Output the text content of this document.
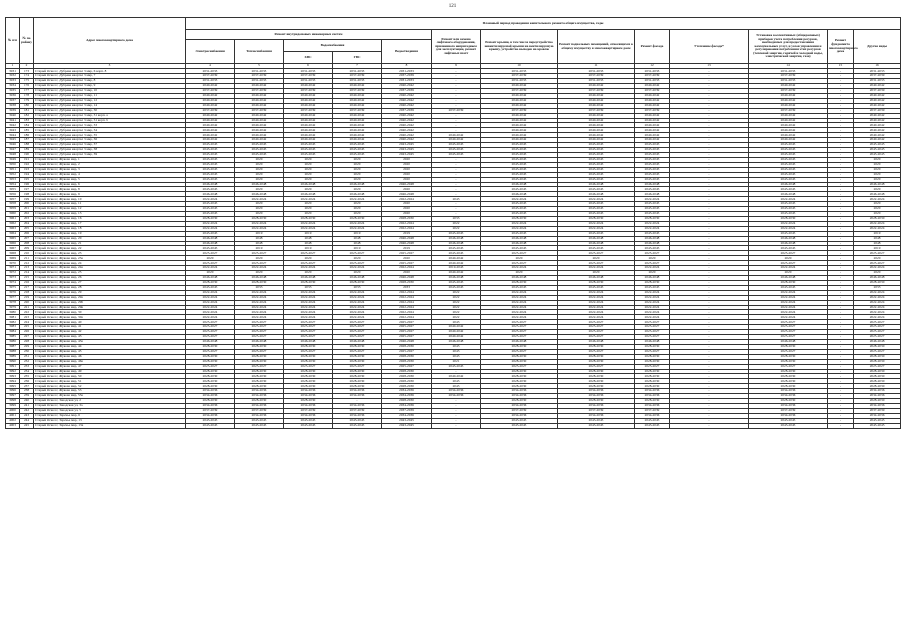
121
№ п/п	№ по району	Адрес многоквартирного дома	Плановый период проведения капитального ремонта общего имущества, годы												
			Ремонт внутридомовых инженерных систем					Ремонт или замена лифтового оборудования, признанного непригодным для эксплуатации, ремонт лифтовых шахт	Ремонт крыши, в том числе переустройство невентилируемой крыши на вентилируемую крышу, устройство выходов на кровлю	Ремонт подвальных помещений, относящихся к общему имуществу в многоквартирном доме	Ремонт фасада	Утепление фасада*	Установка коллективных (общедомовых) приборов учета потребления ресурсов, необходимых для предоставления коммунальных услуг, и узлов управления и регулирования потребления этих ресурсов (тепловой энергии, горячей и холодной воды, электрической энергии, газа)	Ремонт фундамента многоквартирного дома	Другие виды
			Электроснабжения	Теплоснабжения	Водоснабжения		Водоотведения								
					ХВС	ГВС									
1	2	3	4	5	6	7	8	9	10	11	12	13	14	15	16
3931	173	Старый Оскол г, Дубрава квартал 3 мкр, 6 корп. 8	2031-2033	2031-2033	2031-2033	2031-2033	2031-2033	-	2031-2033	2031-2033	2031-2033	-	2031-2033	-	2031-2033
3932	174	Старый Оскол г, Дубрава квартал 3 мкр, 7	2037-2039	2037-2039	2037-2039	2037-2039	2037-2039	-	2037-2039	2037-2039	2037-2039	-	2037-2039	-	2037-2039
3933	175	Старый Оскол г, Дубрава квартал 3 мкр, 8	2031-2033	2031-2033	2031-2033	2031-2033	2031-2033	-	2031-2033	2031-2033	2031-2033	-	2031-2033	-	2031-2033
3934	176	Старый Оскол г, Дубрава квартал 3 мкр, 9	2040-2042	2040-2042	2040-2042	2040-2042	2040-2042	-	2040-2042	2040-2042	2040-2042	-	2040-2042	-	2040-2042
3935	177	Старый Оскол г, Дубрава квартал 3 мкр, 10	2037-2039	2037-2039	2037-2039	2037-2039	2037-2039	-	2037-2039	2037-2039	2037-2039	-	2037-2039	-	2037-2039
3936	178	Старый Оскол г, Дубрава квартал 3 мкр, 11	2040-2042	2040-2042	2040-2042	2040-2042	2040-2042	-	2040-2042	2040-2042	2040-2042	-	2040-2042	-	2040-2042
3937	179	Старый Оскол г, Дубрава квартал 3 мкр, 12	2040-2042	2040-2042	2040-2042	2040-2042	2040-2042	-	2040-2042	2040-2042	2040-2042	-	2040-2042	-	2040-2042
3938	180	Старый Оскол г, Дубрава квартал 3 мкр, 14	2040-2042	2040-2042	2040-2042	2040-2042	2040-2042	-	2040-2042	2040-2042	2040-2042	-	2040-2042	-	2040-2042
3939	181	Старый Оскол г, Дубрава квартал 3 мкр, 30	2037-2039	2037-2039	2037-2039	2037-2039	2037-2039	2037-2039	2037-2039	2037-2039	2037-2039	-	2037-2039	-	2037-2039
3940	182	Старый Оскол г, Дубрава квартал 3 мкр, 31 корп. а	2040-2042	2040-2042	2040-2042	2040-2042	2040-2042	-	2040-2042	2040-2042	2040-2042	-	2040-2042	-	2040-2042
3941	183	Старый Оскол г, Дубрава квартал 3 мкр, 31 корп. б	2040-2042	2040-2042	2040-2042	2040-2042	2040-2042	-	2040-2042	2040-2042	2040-2042	-	2040-2042	-	2040-2042
3942	184	Старый Оскол г, Дубрава квартал 3 мкр, 33	2040-2042	2040-2042	2040-2042	2040-2042	2040-2042	-	2040-2042	2040-2042	2040-2042	-	2040-2042	-	2040-2042
3943	185	Старый Оскол г, Дубрава квартал 3 мкр, 34	2040-2042	2040-2042	2040-2042	2040-2042	2040-2042	-	2040-2042	2040-2042	2040-2042	-	2040-2042	-	2040-2042
3944	186	Старый Оскол г, Дубрава квартал 3 мкр, 35	2040-2042	2040-2042	2040-2042	2040-2042	2040-2042	2040-2042	2040-2042	2040-2042	2040-2042	-	2040-2042	-	2040-2042
3945	187	Старый Оскол г, Дубрава квартал 3 мкр, 36	2040-2042	2040-2042	2040-2042	2040-2042	2040-2042	2040-2042	2040-2042	2040-2042	2040-2042	-	2040-2042	-	2040-2042
3946	188	Старый Оскол г, Дубрава квартал 3 мкр, 37	2043-2045	2043-2045	2043-2045	2043-2045	2043-2045	2043-2045	2043-2045	2043-2045	2043-2045	-	2043-2045	-	2043-2045
3947	189	Старый Оскол г, Дубрава квартал 3 мкр, 38	2043-2045	2043-2045	2043-2045	2043-2045	2043-2045	2043-2045	2043-2045	2043-2045	2043-2045	-	2043-2045	-	2043-2045
3948	190	Старый Оскол г, Дубрава квартал 3 мкр, 39	2043-2045	2043-2045	2043-2045	2043-2045	2043-2045	2043-2045	2043-2045	2043-2045	2043-2045	-	2043-2045	-	2043-2045
3949	191	Старый Оскол г, Жукова мкр, 1	2043-2045	2020	2020	2020	2020	-	2043-2045	2043-2045	2043-2045	-	2043-2045	-	2020
3950	192	Старый Оскол г, Жукова мкр, 2	2043-2045	2020	2020	2020	2020	-	2043-2045	2043-2045	2043-2045	-	2043-2045	-	2020
3951	193	Старый Оскол г, Жукова мкр, 3	2043-2045	2020	2020	2020	2020	-	2043-2045	2043-2045	2043-2045	-	2043-2045	-	2020
3952	194	Старый Оскол г, Жукова мкр, 4	2043-2045	2020	2020	2020	2020	-	2043-2045	2043-2045	2043-2045	-	2043-2045	-	2020
3953	195	Старый Оскол г, Жукова мкр, 5	2043-2045	2020	2020	2020	2020	-	2043-2045	2043-2045	2043-2045	-	2043-2045	-	2020
3954	196	Старый Оскол г, Жукова мкр, 6	2046-2048	2046-2048	2046-2048	2046-2048	2046-2048	-	2046-2048	2046-2048	2046-2048	-	2046-2048	-	2046-2048
3955	197	Старый Оскол г, Жукова мкр, 8	2043-2045	2020	2020	2020	2020	-	2043-2045	2043-2045	2043-2045	-	2043-2045	-	2020
3956	198	Старый Оскол г, Жукова мкр, 9	2046-2048	2046-2048	2046-2048	2046-2048	2046-2048	-	2046-2048	2046-2048	2046-2048	-	2046-2048	-	2046-2048
3957	199	Старый Оскол г, Жукова мкр, 10	2022-2024	2022-2024	2022-2024	2022-2024	2022-2024	2043	2022-2024	2022-2024	2022-2024	-	2022-2024	-	2022-2024
3958	200	Старый Оскол г, Жукова мкр, 11	2043-2045	2020	2020	2020	2020	-	2043-2045	2043-2045	2043-2045	-	2043-2045	-	2020
3959	201	Старый Оскол г, Жукова мкр, 12	2043-2045	2020	2020	2020	2020	-	2043-2045	2043-2045	2043-2045	-	2043-2045	-	2020
3960	202	Старый Оскол г, Жукова мкр, 13	2043-2045	2020	2020	2020	2020	-	2043-2045	2043-2045	2043-2045	-	2043-2045	-	2020
3961	203	Старый Оскол г, Жукова мкр, 16	2028-2030	2028-2030	2028-2030	2028-2030	2028-2030	2033	2028-2030	2028-2030	2028-2030	-	2028-2030	-	2028-2030
3962	204	Старый Оскол г, Жукова мкр, 17	2022-2024	2022-2024	2022-2024	2022-2024	2022-2024	2022	2022-2024	2022-2024	2022-2024	-	2022-2024	-	2022-2024
3963	205	Старый Оскол г, Жукова мкр, 18	2022-2024	2022-2024	2022-2024	2022-2024	2022-2024	2022	2022-2024	2022-2024	2022-2024	-	2022-2024	-	2022-2024
3964	206	Старый Оскол г, Жукова мкр, 19	2043-2045	2019	2019	2019	2019	2043-2045	2043-2045	2043-2045	2043-2045	-	2043-2045	-	2019
3965	207	Старый Оскол г, Жукова мкр, 20	2046-2048	2048	2048	2048	2046-2048	2046-2048	2046-2048	2046-2048	2046-2048	-	2046-2048	-	2048
3966	208	Старый Оскол г, Жукова мкр, 21	2046-2048	2048	2048	2048	2046-2048	2046-2048	2046-2048	2046-2048	2046-2048	-	2046-2048	-	2048
3967	209	Старый Оскол г, Жукова мкр, 22	2043-2045	2019	2019	2019	2019	2043-2045	2043-2045	2043-2045	2043-2045	-	2043-2045	-	2019
3968	210	Старый Оскол г, Жукова мкр, 23	2025-2027	2025-2027	2025-2027	2025-2027	2025-2027	2043-2045	2025-2027	2025-2027	2025-2027	-	2025-2027	-	2025-2027
3969	211	Старый Оскол г, Жукова мкр, 23а	2020	2020	2020	2020	2020	2040-2042	2020	2020	2020	-	2020	-	2020
3970	212	Старый Оскол г, Жукова мкр, 24	2025-2027	2025-2027	2025-2027	2025-2027	2025-2027	2040-2042	2025-2027	2025-2027	2025-2027	-	2025-2027	-	2025-2027
3971	213	Старый Оскол г, Жукова мкр, 24а	2022-2024	2022-2024	2022-2024	2022-2024	2022-2024	2019-2043	2022-2024	2022-2024	2022-2024	-	2022-2024	-	2022-2024
3972	214	Старый Оскол г, Жукова мкр, 25	2020	2020	2020	2020	2020	2040-2042	2020	2020	2020	-	2020	-	2020
3973	215	Старый Оскол г, Жукова мкр, 26	2046-2048	2046-2048	2046-2048	2046-2048	2046-2048	2046-2048	2046-2048	2046-2048	2046-2048	-	2046-2048	-	2046-2048
3974	216	Старый Оскол г, Жукова мкр, 27	2028-2030	2028-2030	2028-2030	2028-2030	2028-2030	2043-2045	2028-2030	2028-2030	2028-2030	-	2028-2030	-	2028-2030
3975	217	Старый Оскол г, Жукова мкр, 28	2043-2045	2033	2033	2033	2033	2043-2045	2043-2045	2043-2045	2043-2045	-	2043-2045	-	2033
3976	218	Старый Оскол г, Жукова мкр, 29	2022-2024	2022-2024	2022-2024	2022-2024	2022-2024	2022	2022-2024	2022-2024	2022-2024	-	2022-2024	-	2022-2024
3977	219	Старый Оскол г, Жукова мкр, 29а	2022-2024	2022-2024	2022-2024	2022-2024	2022-2024	2022	2022-2024	2022-2024	2022-2024	-	2022-2024	-	2022-2024
3978	220	Старый Оскол г, Жукова мкр, 29б	2022-2024	2022-2024	2022-2024	2022-2024	2022-2024	2022	2022-2024	2022-2024	2022-2024	-	2022-2024	-	2022-2024
3979	221	Старый Оскол г, Жукова мкр, 29в	2022-2024	2022-2024	2022-2024	2022-2024	2022-2024	2022	2022-2024	2022-2024	2022-2024	-	2022-2024	-	2022-2024
3980	222	Старый Оскол г, Жукова мкр, 30	2022-2024	2022-2024	2022-2024	2022-2024	2022-2024	2022	2022-2024	2022-2024	2022-2024	-	2022-2024	-	2022-2024
3981	223	Старый Оскол г, Жукова мкр, 30а	2022-2024	2022-2024	2022-2024	2022-2024	2022-2024	2022	2022-2024	2022-2024	2022-2024	-	2022-2024	-	2022-2024
3982	224	Старый Оскол г, Жукова мкр, 40	2025-2027	2025-2027	2025-2027	2025-2027	2025-2027	2043	2025-2027	2025-2027	2025-2027	-	2025-2027	-	2025-2027
3983	225	Старый Оскол г, Жукова мкр, 41	2025-2027	2025-2027	2025-2027	2025-2027	2025-2027	2040-2042	2025-2027	2025-2027	2025-2027	-	2025-2027	-	2025-2027
3984	226	Старый Оскол г, Жукова мкр, 42	2025-2027	2025-2027	2025-2027	2025-2027	2025-2027	2040-2042	2025-2027	2025-2027	2025-2027	-	2025-2027	-	2025-2027
3985	227	Старый Оскол г, Жукова мкр, 43	2025-2027	2025-2027	2025-2027	2025-2027	2025-2027	2040-2042	2025-2027	2025-2027	2025-2027	-	2025-2027	-	2025-2027
3986	228	Старый Оскол г, Жукова мкр, 43а	2046-2048	2046-2048	2046-2048	2046-2048	2046-2048	2046-2048	2046-2048	2046-2048	2046-2048	-	2046-2048	-	2046-2048
3987	229	Старый Оскол г, Жукова мкр, 44	2028-2030	2028-2030	2028-2030	2028-2030	2028-2030	2043	2028-2030	2028-2030	2028-2030	-	2028-2030	-	2028-2030
3988	230	Старый Оскол г, Жукова мкр, 45	2025-2027	2025-2027	2025-2027	2025-2027	2025-2027	2043	2025-2027	2025-2027	2025-2027	-	2025-2027	-	2025-2027
3989	231	Старый Оскол г, Жукова мкр, 46	2028-2030	2028-2030	2028-2030	2028-2030	2028-2030	2043	2028-2030	2028-2030	2028-2030	-	2028-2030	-	2028-2030
3990	232	Старый Оскол г, Жукова мкр, 46а	2028-2030	2028-2030	2028-2030	2028-2030	2028-2030	2021	2028-2030	2028-2030	2028-2030	-	2028-2030	-	2028-2030
3991	233	Старый Оскол г, Жукова мкр, 47	2025-2027	2025-2027	2025-2027	2025-2027	2025-2027	2043-2045	2025-2027	2025-2027	2025-2027	-	2025-2027	-	2025-2027
3992	234	Старый Оскол г, Жукова мкр, 49	2028-2030	2028-2030	2028-2030	2028-2030	2028-2030	-	2028-2030	2028-2030	2028-2030	-	2028-2030	-	2028-2030
3993	235	Старый Оскол г, Жукова мкр, 50	2028-2030	2028-2030	2028-2030	2028-2030	2028-2030	2040-2042	2028-2030	2028-2030	2028-2030	-	2028-2030	-	2028-2030
3994	236	Старый Оскол г, Жукова мкр, 51	2028-2030	2028-2030	2028-2030	2028-2030	2028-2030	2043	2028-2030	2028-2030	2028-2030	-	2028-2030	-	2028-2030
3995	237	Старый Оскол г, Жукова мкр, 52	2028-2030	2028-2030	2028-2030	2028-2030	2028-2030	2043	2028-2030	2028-2030	2028-2030	-	2028-2030	-	2028-2030
3996	238	Старый Оскол г, Жукова мкр, 53	2034-2036	2034-2036	2034-2036	2034-2036	2034-2036	2034-2036	2034-2036	2034-2036	2034-2036	-	2034-2036	-	2034-2036
3997	239	Старый Оскол г, Жукова мкр, 53а	2034-2036	2034-2036	2034-2036	2034-2036	2034-2036	2034-2036	2034-2036	2034-2036	2034-2036	-	2034-2036	-	2034-2036
3998	240	Старый Оскол г, Заводская ул, 2	2028-2030	2028-2030	2028-2030	-	2028-2030	-	2028-2030	2028-2030	2028-2030	-	2028-2030	-	2028-2030
3999	241	Старый Оскол г, Заводская ул, 3а	2034-2036	2034-2036	2034-2036	2034-2036	2034-2036	-	2034-2036	2034-2036	2034-2036	-	2034-2036	-	2034-2036
4000	242	Старый Оскол г, Заводская ул, 5	2037-2039	2037-2039	2037-2039	2037-2039	2037-2039	-	2037-2039	2037-2039	2037-2039	-	2037-2039	-	2037-2039
4001	243	Старый Оскол г, Заречье мкр, 6	2034-2036	2034-2036	2034-2036	2034-2036	2034-2036	-	2034-2036	2034-2036	2034-2036	-	2034-2036	-	2034-2036
4002	244	Старый Оскол г, Заречье мкр, 13	2043-2045	2043-2045	2043-2045	2043-2045	2043-2045	-	2043-2045	2043-2045	2043-2045	-	2043-2045	-	2043-2045
4003	245	Старый Оскол г, Заречье мкр, 13а	2043-2045	2043-2045	2043-2045	2043-2045	2043-2045	-	2043-2045	2043-2045	2043-2045	-	2043-2045	-	2043-2045
